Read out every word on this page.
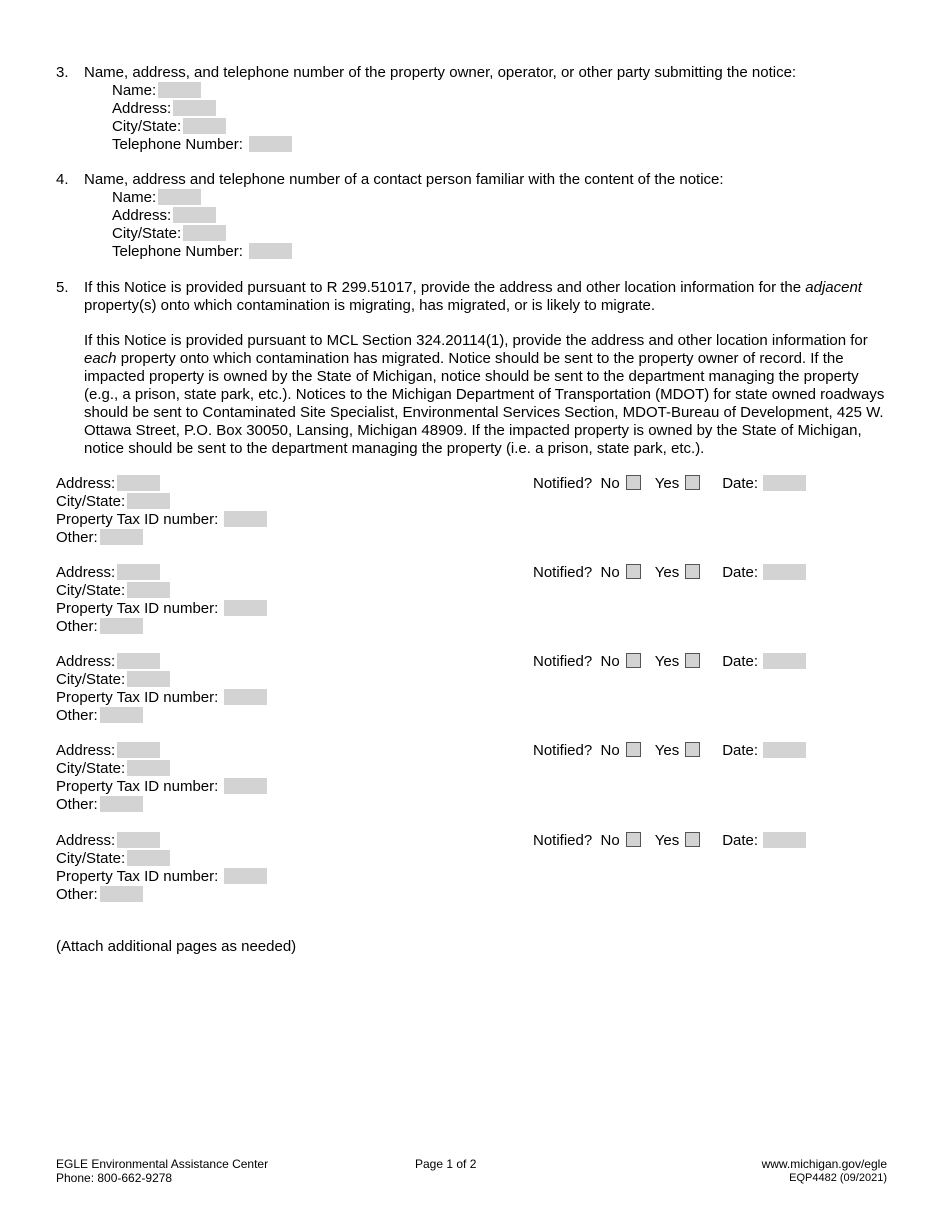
3.	Name, address, and telephone number of the property owner, operator, or other party submitting the notice:
Name:
Address:
City/State:
Telephone Number:
4.	Name, address and telephone number of a contact person familiar with the content of the notice:
Name:
Address:
City/State:
Telephone Number:
5.	If this Notice is provided pursuant to R 299.51017, provide the address and other location information for the adjacent property(s) onto which contamination is migrating, has migrated, or is likely to migrate.
If this Notice is provided pursuant to MCL Section 324.20114(1), provide the address and other location information for each property onto which contamination has migrated. Notice should be sent to the property owner of record. If the impacted property is owned by the State of Michigan, notice should be sent to the department managing the property (e.g., a prison, state park, etc.). Notices to the Michigan Department of Transportation (MDOT) for state owned roadways should be sent to Contaminated Site Specialist, Environmental Services Section, MDOT-Bureau of Development, 425 W. Ottawa Street, P.O. Box 30050, Lansing, Michigan 48909. If the impacted property is owned by the State of Michigan, notice should be sent to the department managing the property (i.e. a prison, state park, etc.).
Address:
City/State:
Property Tax ID number:
Other:
Notified? No Yes	Date:
Address:
City/State:
Property Tax ID number:
Other:
Notified? No Yes	Date:
Address:
City/State:
Property Tax ID number:
Other:
Notified? No Yes	Date:
Address:
City/State:
Property Tax ID number:
Other:
Notified? No Yes	Date:
Address:
City/State:
Property Tax ID number:
Other:
Notified? No Yes	Date:
(Attach additional pages as needed)
EGLE Environmental Assistance Center
Phone: 800-662-9278
Page 1 of 2	www.michigan.gov/egle
EQP4482 (09/2021)
